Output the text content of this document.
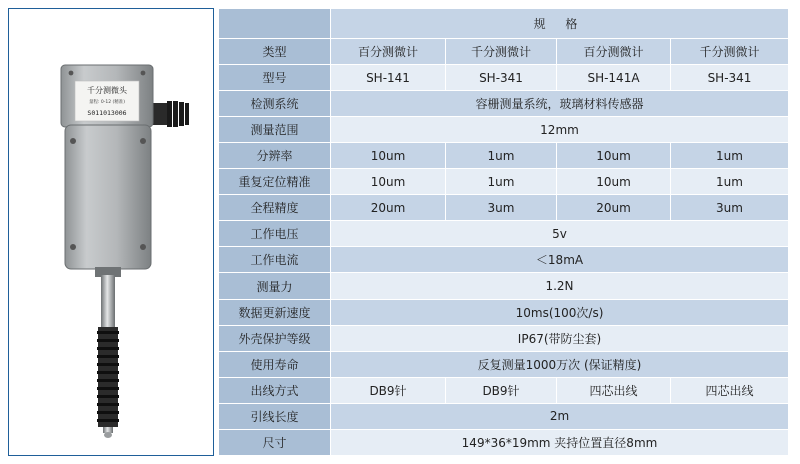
千分测微头
量程: 0-12 (精准)
S011013006
	规 格			
类型	百分测微计	千分测微计	百分测微计	千分测微计
型号	SH-141	SH-341	SH-141A	SH-341
检测系统	容栅测量系统，玻璃材料传感器			
测量范围	12mm			
分辨率	10um	1um	10um	1um
重复定位精准	10um	1um	10um	1um
全程精度	20um	3um	20um	3um
工作电压	5v			
工作电流	＜18mA			
测量力	1.2N			
数据更新速度	10ms(100次/s)			
外壳保护等级	IP67(带防尘套)			
使用寿命	反复测量1000万次 (保证精度)			
出线方式	DB9针	DB9针	四芯出线	四芯出线
引线长度	2m			
尺寸	149*36*19mm 夹持位置直径8mm			
